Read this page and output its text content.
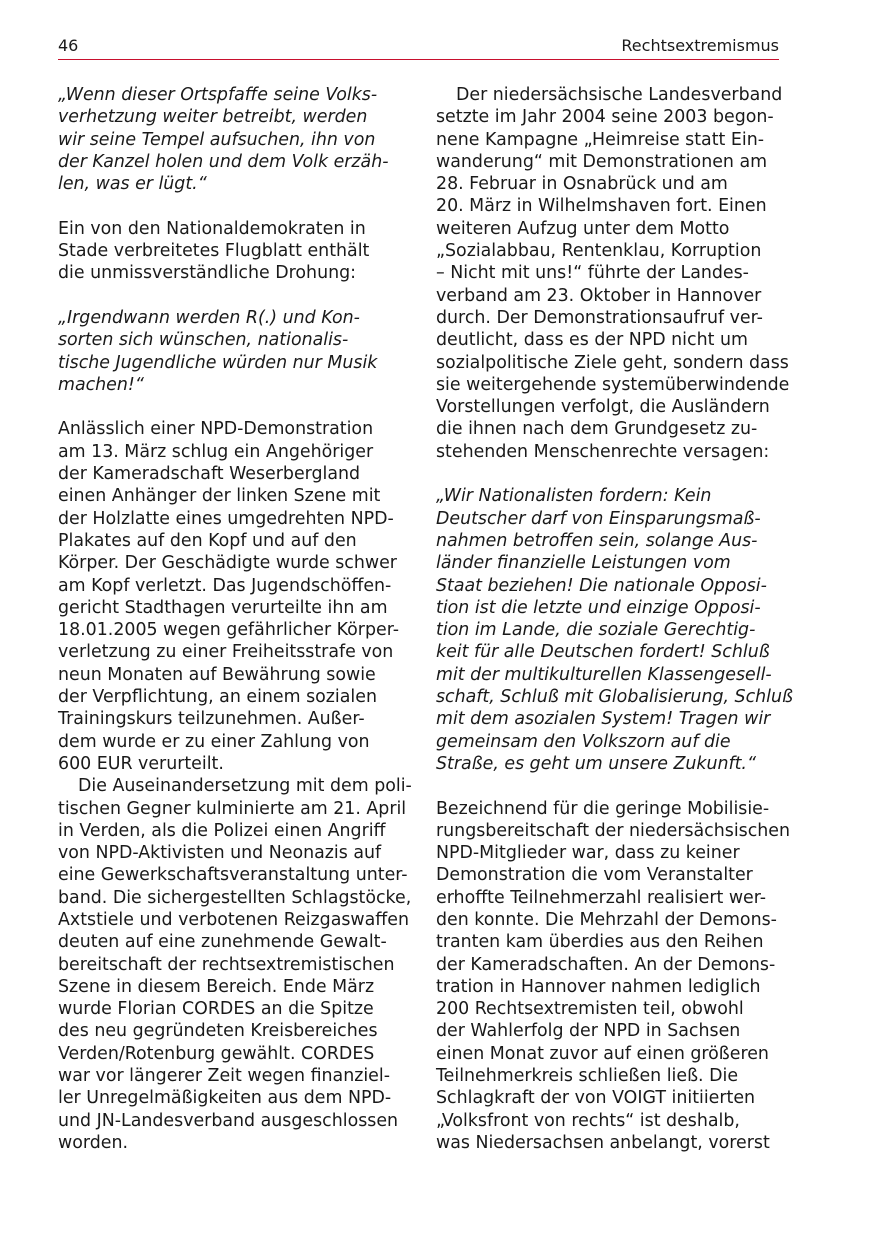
46	Rechtsextremismus
„Wenn dieser Ortspfaffe seine Volks-
verhetzung weiter betreibt, werden
wir seine Tempel aufsuchen, ihn von
der Kanzel holen und dem Volk erzäh-
len, was er lügt.“
Ein von den Nationaldemokraten in
Stade verbreitetes Flugblatt enthält
die unmissverständliche Drohung:
„Irgendwann werden R(.) und Kon-
sorten sich wünschen, nationalis-
tische Jugendliche würden nur Musik
machen!“
Anlässlich einer NPD-Demonstration
am 13. März schlug ein Angehöriger
der Kameradschaft Weserbergland
einen Anhänger der linken Szene mit
der Holzlatte eines umgedrehten NPD-
Plakates auf den Kopf und auf den
Körper. Der Geschädigte wurde schwer
am Kopf verletzt. Das Jugendschöffen-
gericht Stadthagen verurteilte ihn am
18.01.2005 wegen gefährlicher Körper-
verletzung zu einer Freiheitsstrafe von
neun Monaten auf Bewährung sowie
der Verpflichtung, an einem sozialen
Trainingskurs teilzunehmen. Außer-
dem wurde er zu einer Zahlung von
600 EUR verurteilt.
Die Auseinandersetzung mit dem poli-
tischen Gegner kulminierte am 21. April
in Verden, als die Polizei einen Angriff
von NPD-Aktivisten und Neonazis auf
eine Gewerkschaftsveranstaltung unter-
band. Die sichergestellten Schlagstöcke,
Axtstiele und verbotenen Reizgaswaffen
deuten auf eine zunehmende Gewalt-
bereitschaft der rechtsextremistischen
Szene in diesem Bereich. Ende März
wurde Florian CORDES an die Spitze
des neu gegründeten Kreisbereiches
Verden/Rotenburg gewählt. CORDES
war vor längerer Zeit wegen finanziel-
ler Unregelmäßigkeiten aus dem NPD-
und JN-Landesverband ausgeschlossen
worden.
Der niedersächsische Landesverband
setzte im Jahr 2004 seine 2003 begon-
nene Kampagne „Heimreise statt Ein-
wanderung“ mit Demonstrationen am
28. Februar in Osnabrück und am
20. März in Wilhelmshaven fort. Einen
weiteren Aufzug unter dem Motto
„Sozialabbau, Rentenklau, Korruption
– Nicht mit uns!“ führte der Landes-
verband am 23. Oktober in Hannover
durch. Der Demonstrationsaufruf ver-
deutlicht, dass es der NPD nicht um
sozialpolitische Ziele geht, sondern dass
sie weitergehende systemüberwindende
Vorstellungen verfolgt, die Ausländern
die ihnen nach dem Grundgesetz zu-
stehenden Menschenrechte versagen:
„Wir Nationalisten fordern: Kein
Deutscher darf von Einsparungsmaß-
nahmen betroffen sein, solange Aus-
länder finanzielle Leistungen vom
Staat beziehen! Die nationale Opposi-
tion ist die letzte und einzige Opposi-
tion im Lande, die soziale Gerechtig-
keit für alle Deutschen fordert! Schluß
mit der multikulturellen Klassengesell-
schaft, Schluß mit Globalisierung, Schluß
mit dem asozialen System! Tragen wir
gemeinsam den Volkszorn auf die
Straße, es geht um unsere Zukunft.“
Bezeichnend für die geringe Mobilisie-
rungsbereitschaft der niedersächsischen
NPD-Mitglieder war, dass zu keiner
Demonstration die vom Veranstalter
erhoffte Teilnehmerzahl realisiert wer-
den konnte. Die Mehrzahl der Demons-
tranten kam überdies aus den Reihen
der Kameradschaften. An der Demons-
tration in Hannover nahmen lediglich
200 Rechtsextremisten teil, obwohl
der Wahlerfolg der NPD in Sachsen
einen Monat zuvor auf einen größeren
Teilnehmerkreis schließen ließ. Die
Schlagkraft der von VOIGT initiierten
„Volksfront von rechts“ ist deshalb,
was Niedersachsen anbelangt, vorerst
